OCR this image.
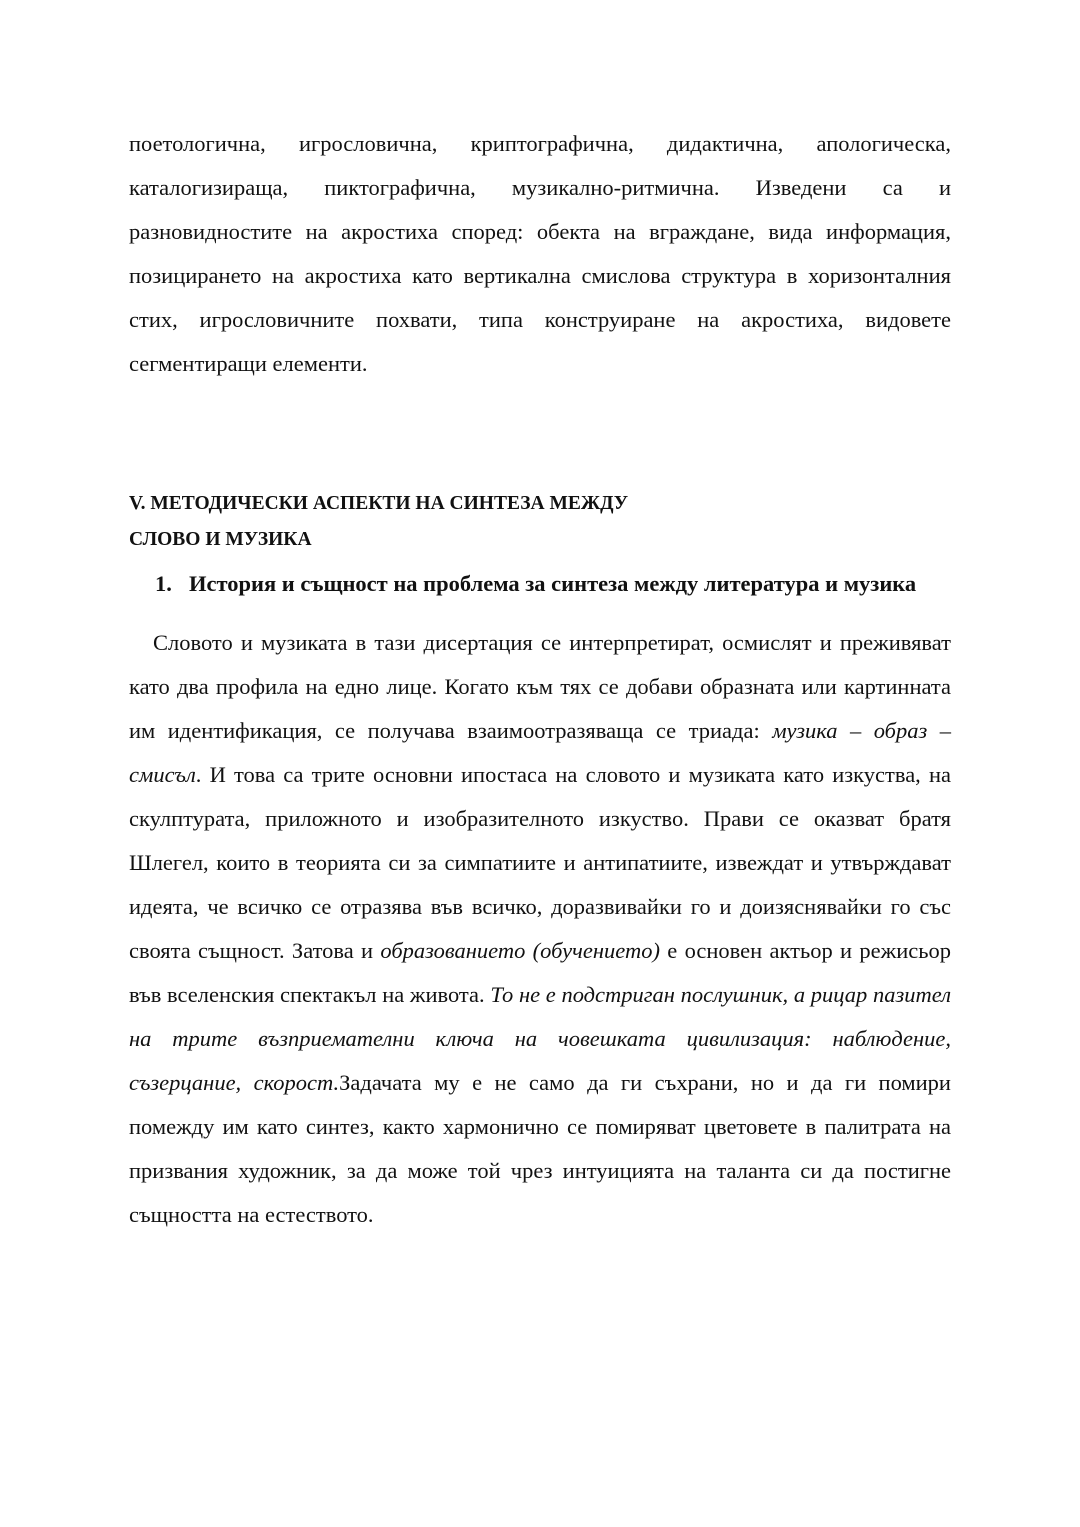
поетологична, игрословична, криптографична, дидактична, апологическа, каталогизираща, пиктографична, музикално-ритмична. Изведени са и разновидностите на акростиха според: обекта на вграждане, вида информация, позицирането на акростиха като вертикална смислова структура в хоризонталния стих, игрословичните похвати, типа конструиране на акростиха, видовете сегментиращи елементи.

V. МЕТОДИЧЕСКИ АСПЕКТИ НА СИНТЕЗА МЕЖДУ
СЛОВО И МУЗИКА
1. История и същност на проблема за синтеза между литература и музика

Словото и музиката в тази дисертация се интерпретират, осмислят и преживяват като два профила на едно лице. Когато към тях се добави образната или картинната им идентификация, се получава взаимоотразяваща се триада: музика – образ – смисъл. И това са трите основни ипостаса на словото и музиката като изкуства, на скулптурата, приложното и изобразителното изкуство. Прави се оказват братя Шлегел, които в теорията си за симпатиите и антипатиите, извеждат и утвърждават идеята, че всичко се отразява във всичко, доразвивайки го и доизяснявайки го със своята същност. Затова и образованието (обучението) е основен актьор и режисьор във вселенския спектакъл на живота. То не е подстриган послушник, а рицар пазител на трите възприемателни ключа на човешката цивилизация: наблюдение, съзерцание, скорост.Задачата му е не само да ги съхрани, но и да ги помири помежду им като синтез, както хармонично се помиряват цветовете в палитрата на призвания художник, за да може той чрез интуицията на таланта си да постигне същността на естеството.
